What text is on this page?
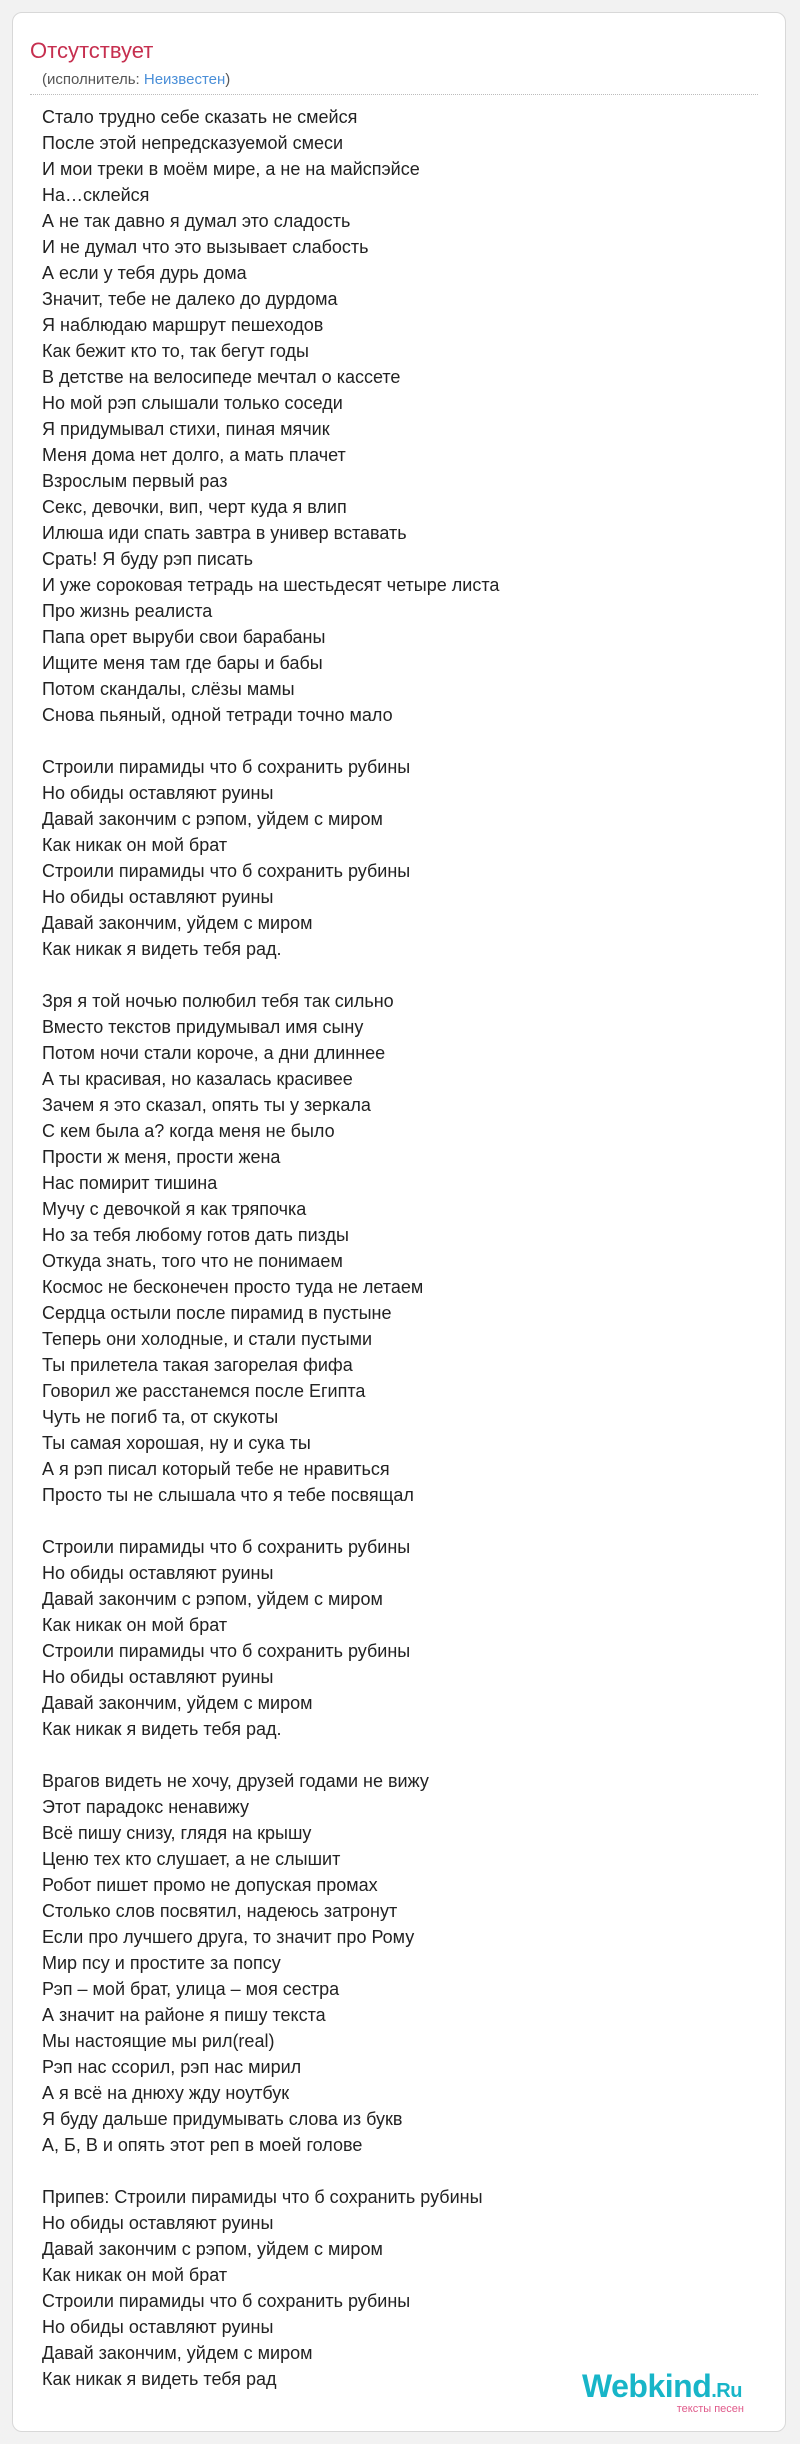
Отсутствует
(исполнитель: Неизвестен)
Стало трудно себе сказать не смейся
После этой непредсказуемой смеси
И мои треки в моём мире, а не на майспэйсе
На…склейся
А не так давно я думал это сладость
И не думал что это вызывает слабость
А если у тебя дурь дома
Значит, тебе не далеко до дурдома
Я наблюдаю маршрут пешеходов
Как бежит кто то, так бегут годы
В детстве на велосипеде мечтал о кассете
Но мой рэп слышали только соседи
Я придумывал стихи, пиная мячик
Меня дома нет долго, а мать плачет
Взрослым первый раз
Секс, девочки, вип, черт куда я влип
Илюша иди спать завтра в универ вставать
Срать! Я буду рэп писать
И уже сороковая тетрадь на шестьдесят четыре листа
Про жизнь реалиста
Папа орет выруби свои барабаны
Ищите меня там где бары и бабы
Потом скандалы, слёзы мамы
Снова пьяный, одной тетради точно мало
Строили пирамиды что б сохранить рубины
Но обиды оставляют руины
Давай закончим с рэпом, уйдем с миром
Как никак он мой брат
Строили пирамиды что б сохранить рубины
Но обиды оставляют руины
Давай закончим, уйдем с миром
Как никак я видеть тебя рад.
Зря я той ночью полюбил тебя так сильно
Вместо текстов придумывал имя сыну
Потом ночи стали короче, а дни длиннее
А ты красивая, но казалась красивее
Зачем я это сказал, опять ты у зеркала
С кем была а? когда меня не было
Прости ж меня, прости жена
Нас помирит тишина
Мучу с девочкой я как тряпочка
Но за тебя любому готов дать пизды
Откуда знать, того что не понимаем
Космос не бесконечен просто туда не летаем
Сердца остыли после пирамид в пустыне
Теперь они холодные, и стали пустыми
Ты прилетела такая загорелая фифа
Говорил же расстанемся после Египта
Чуть не погиб та, от скукоты
Ты самая хорошая, ну и сука ты
А я рэп писал который тебе не нравиться
Просто ты не слышала что я тебе посвящал
Строили пирамиды что б сохранить рубины
Но обиды оставляют руины
Давай закончим с рэпом, уйдем с миром
Как никак он мой брат
Строили пирамиды что б сохранить рубины
Но обиды оставляют руины
Давай закончим, уйдем с миром
Как никак я видеть тебя рад.
Врагов видеть не хочу, друзей годами не вижу
Этот парадокс ненавижу
Всё пишу снизу, глядя на крышу
Ценю тех кто слушает, а не слышит
Робот пишет промо не допуская промах
Столько слов посвятил, надеюсь затронут
Если про лучшего друга, то значит про Рому
Мир псу и простите за попсу
Рэп – мой брат, улица – моя сестра
А значит на районе я пишу текста
Мы настоящие мы рил(real)
Рэп нас ссорил, рэп нас мирил
А я всё на днюху жду ноутбук
Я буду дальше придумывать слова из букв
А, Б, В и опять этот реп в моей голове
Припев: Строили пирамиды что б сохранить рубины
Но обиды оставляют руины
Давай закончим с рэпом, уйдем с миром
Как никак он мой брат
Строили пирамиды что б сохранить рубины
Но обиды оставляют руины
Давай закончим, уйдем с миром
Как никак я видеть тебя рад	Webkind.Ru
тексты песен
